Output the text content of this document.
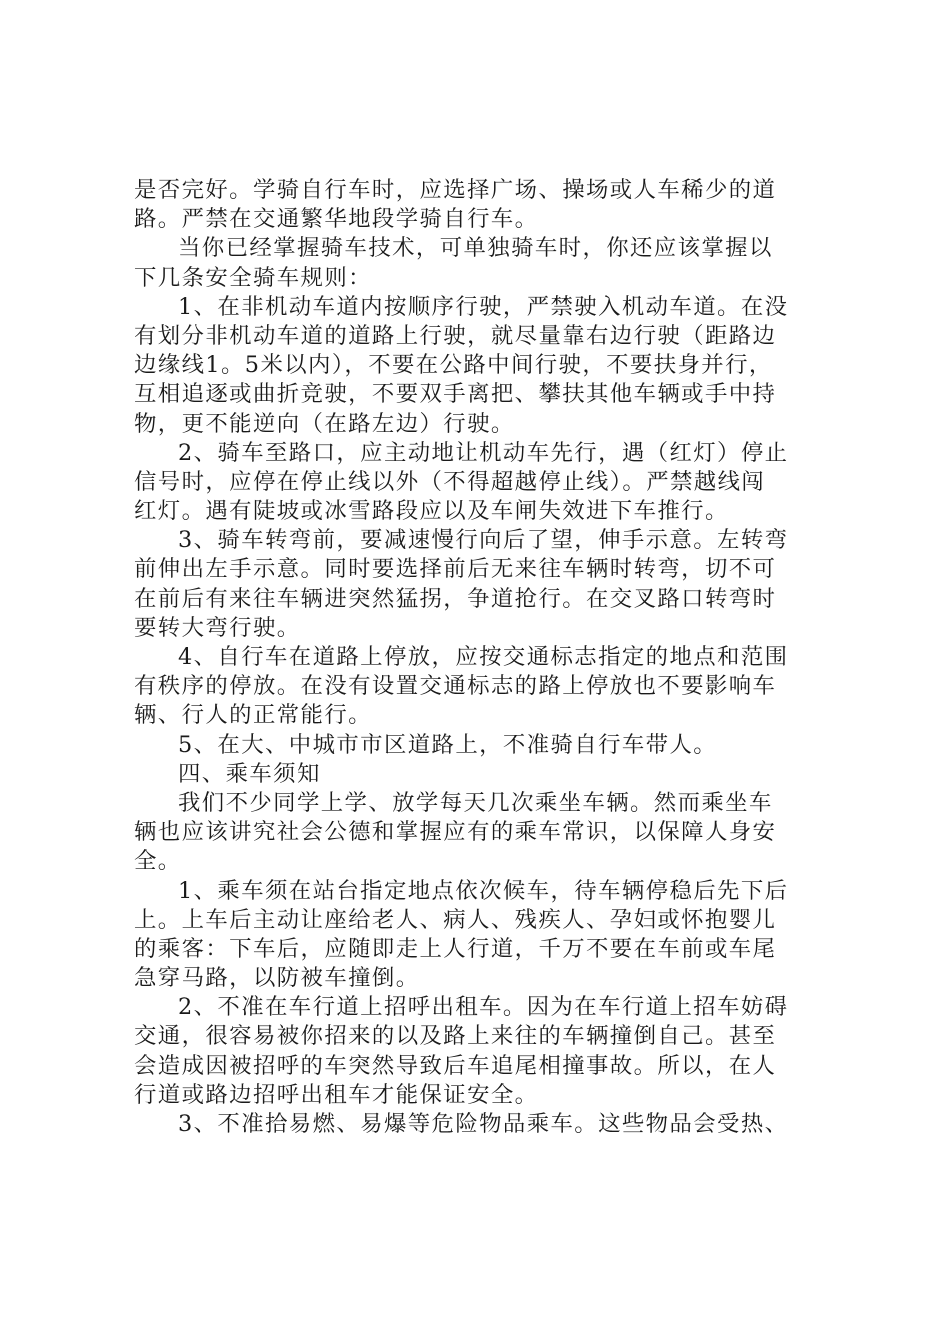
是否完好。学骑自行车时，应选择广场、操场或人车稀少的道
路。严禁在交通繁华地段学骑自行车。
当你已经掌握骑车技术，可单独骑车时，你还应该掌握以
下几条安全骑车规则：
1、在非机动车道内按顺序行驶，严禁驶入机动车道。在没
有划分非机动车道的道路上行驶，就尽量靠右边行驶（距路边
边缘线1。5米以内），不要在公路中间行驶，不要扶身并行，
互相追逐或曲折竞驶，不要双手离把、攀扶其他车辆或手中持
物，更不能逆向（在路左边）行驶。
2、骑车至路口，应主动地让机动车先行，遇（红灯）停止
信号时，应停在停止线以外（不得超越停止线）。严禁越线闯
红灯。遇有陡坡或冰雪路段应以及车闸失效进下车推行。
3、骑车转弯前，要减速慢行向后了望，伸手示意。左转弯
前伸出左手示意。同时要选择前后无来往车辆时转弯，切不可
在前后有来往车辆进突然猛拐，争道抢行。在交叉路口转弯时
要转大弯行驶。
4、自行车在道路上停放，应按交通标志指定的地点和范围
有秩序的停放。在没有设置交通标志的路上停放也不要影响车
辆、行人的正常能行。
5、在大、中城市市区道路上，不准骑自行车带人。
四、乘车须知
我们不少同学上学、放学每天几次乘坐车辆。然而乘坐车
辆也应该讲究社会公德和掌握应有的乘车常识，以保障人身安
全。
1、乘车须在站台指定地点依次候车，待车辆停稳后先下后
上。上车后主动让座给老人、病人、残疾人、孕妇或怀抱婴儿
的乘客：下车后，应随即走上人行道，千万不要在车前或车尾
急穿马路，以防被车撞倒。
2、不准在车行道上招呼出租车。因为在车行道上招车妨碍
交通，很容易被你招来的以及路上来往的车辆撞倒自己。甚至
会造成因被招呼的车突然导致后车追尾相撞事故。所以，在人
行道或路边招呼出租车才能保证安全。
3、不准拾易燃、易爆等危险物品乘车。这些物品会受热、
